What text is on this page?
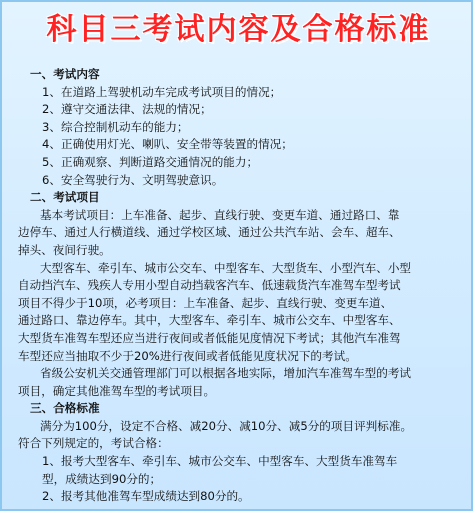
科目三考试内容及合格标准
一、考试内容
1、在道路上驾驶机动车完成考试项目的情况；
2、遵守交通法律、法规的情况；
3、综合控制机动车的能力；
4、正确使用灯光、喇叭、安全带等装置的情况；
5、正确观察、判断道路交通情况的能力；
6、安全驾驶行为、文明驾驶意识。
二、考试项目
基本考试项目：上车准备、起步、直线行驶、变更车道、通过路口、靠
边停车、通过人行横道线、通过学校区域、通过公共汽车站、会车、超车、
掉头、夜间行驶。
大型客车、牵引车、城市公交车、中型客车、大型货车、小型汽车、小型
自动挡汽车、残疾人专用小型自动挡载客汽车、低速载货汽车准驾车型考试
项目不得少于10项，必考项目：上车准备、起步、直线行驶、变更车道、
通过路口、靠边停车。其中，大型客车、牵引车、城市公交车、中型客车、
大型货车准驾车型还应当进行夜间或者低能见度情况下考试；其他汽车准驾
车型还应当抽取不少于20%进行夜间或者低能见度状况下的考试。
省级公安机关交通管理部门可以根据各地实际，增加汽车准驾车型的考试
项目，确定其他准驾车型的考试项目。
三、合格标准
满分为100分，设定不合格、减20分、减10分、减5分的项目评判标准。
符合下列规定的，考试合格：
1、报考大型客车、牵引车、城市公交车、中型客车、大型货车准驾车
型，成绩达到90分的；
2、报考其他准驾车型成绩达到80分的。
